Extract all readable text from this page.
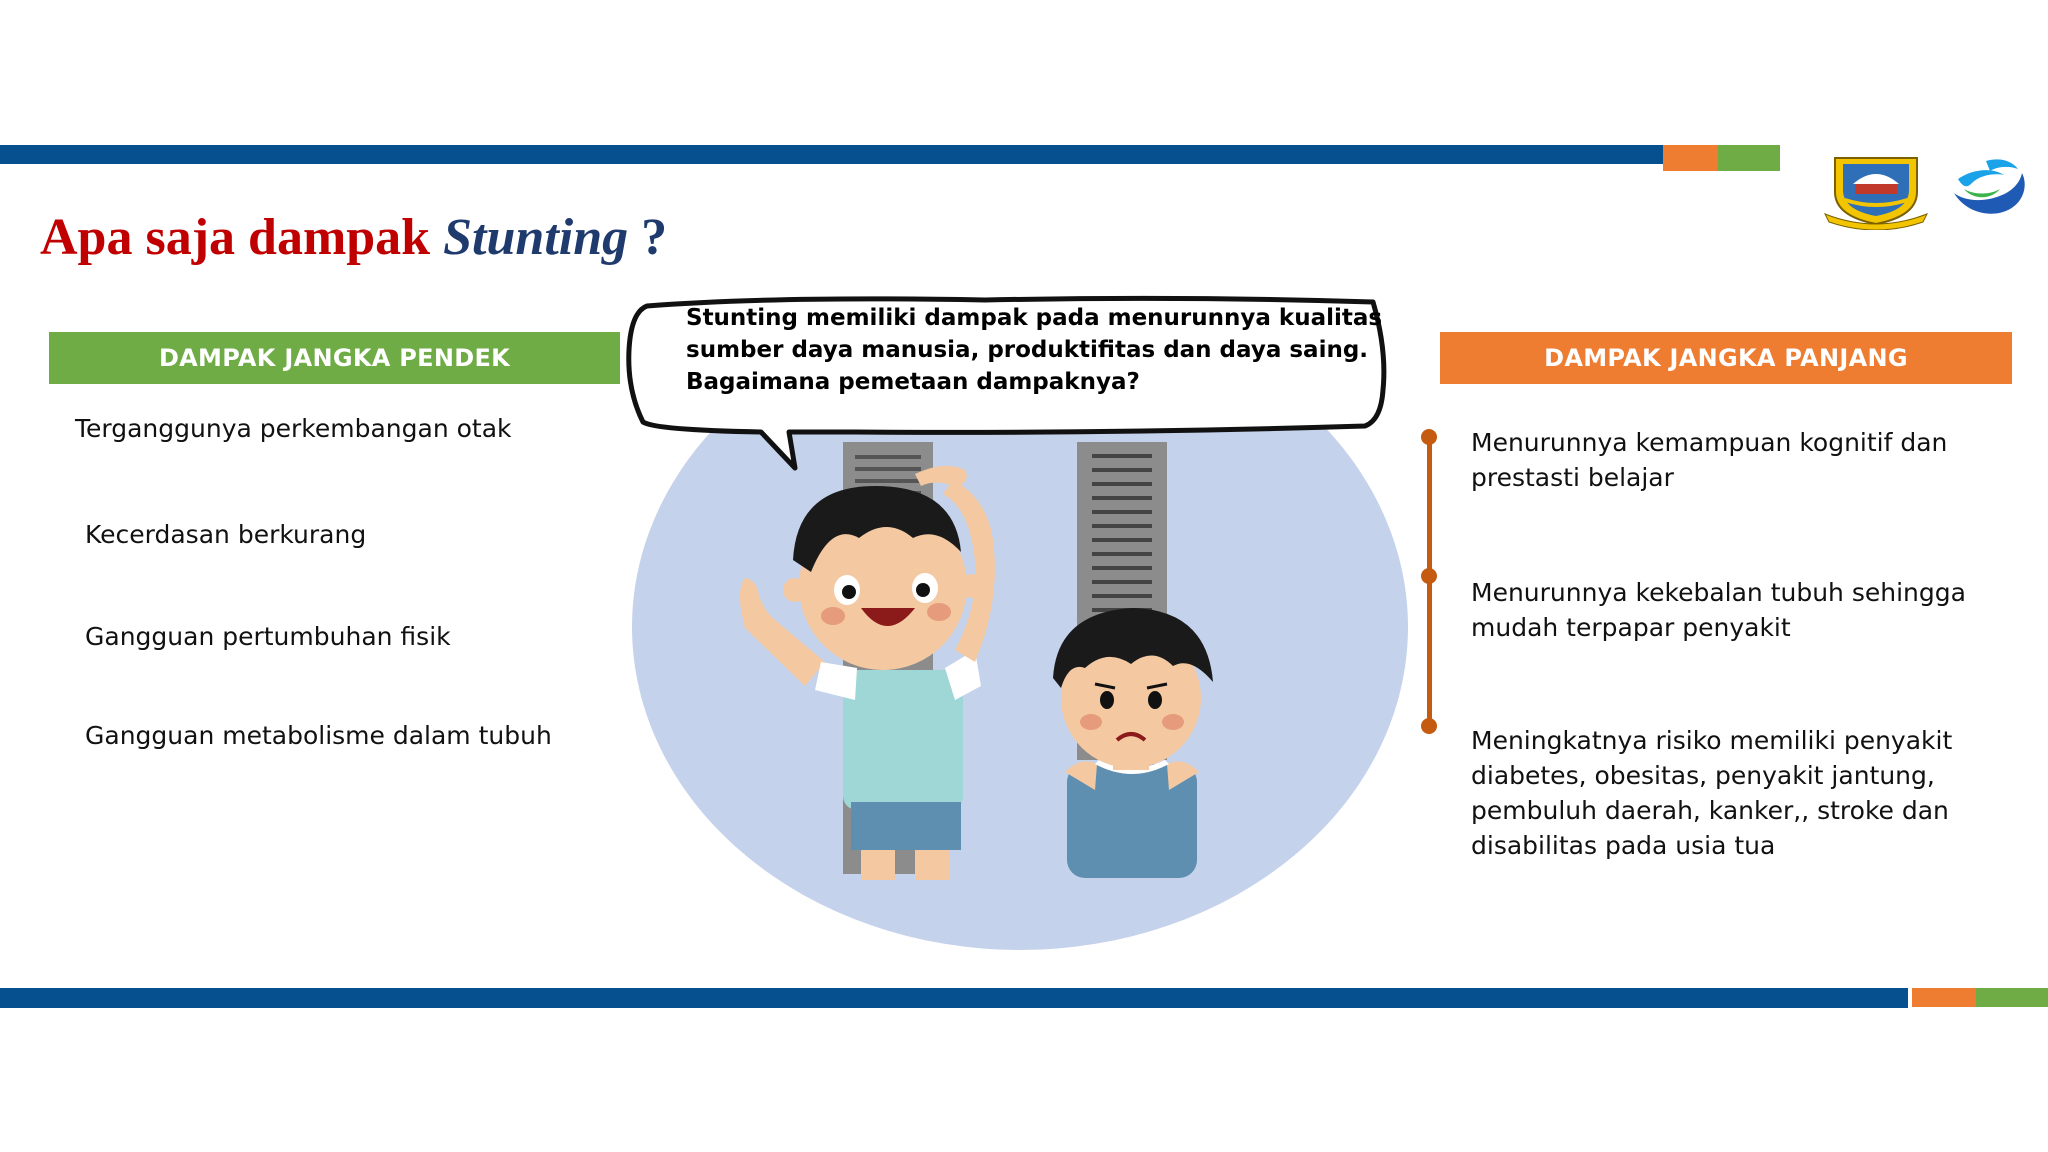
Apa saja dampak Stunting ?
DAMPAK JANGKA PENDEK
Terganggunya perkembangan otak
Kecerdasan berkurang
Gangguan pertumbuhan fisik
Gangguan metabolisme dalam tubuh

Stunting memiliki dampak pada menurunnya kualitas sumber daya manusia, produktifitas dan daya saing. Bagaimana pemetaan dampaknya?

DAMPAK JANGKA PANJANG
Menurunnya kemampuan kognitif dan prestasti belajar
Menurunnya kekebalan tubuh sehingga mudah terpapar penyakit
Meningkatnya risiko memiliki penyakit diabetes, obesitas, penyakit jantung, pembuluh daerah, kanker,, stroke dan disabilitas pada usia tua
